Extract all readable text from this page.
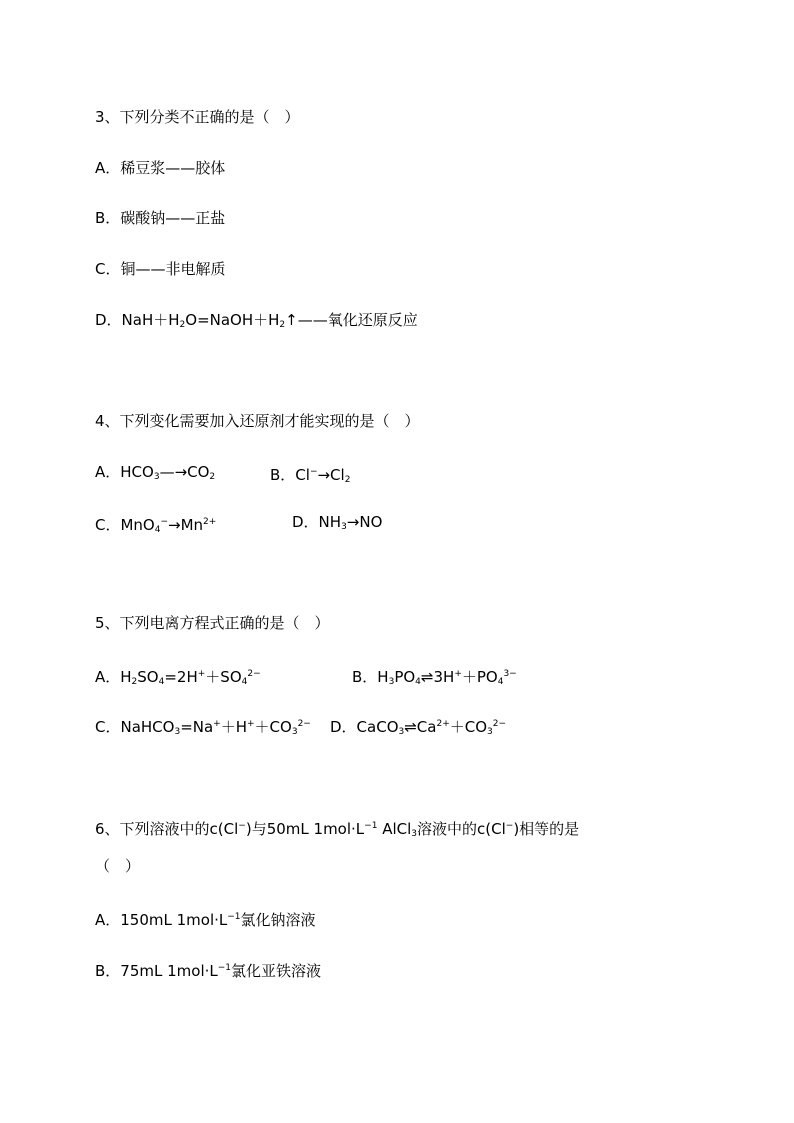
3、下列分类不正确的是（　）
A．稀豆浆——胶体
B．碳酸钠——正盐
C．铜——非电解质
D．NaH＋H2O=NaOH＋H2↑——氧化还原反应
4、下列变化需要加入还原剂才能实现的是（　）
A．HCO3—→CO2	B．Cl−→Cl2
C．$MnO4^-\to Mn^{2+}$	D．NH3→NO
5、下列电离方程式正确的是（　）
A．$H2SO4=2H^++SO4^{2-}$	B．$H3PO4\rightleftharpoons 3H^++PO4^{3-}$
C．$NaHCO3=Na^++H^++CO3^{2-}$ D．$CaCO3\rightleftharpoons Ca^{2+}+CO3^{2-}$
6、下列溶液中的c(Cl−)与50mL $1mol\cdot L^{-1}$ AlCl3溶液中的c(Cl−)相等的是
（　）
A．150mL $1mol\cdot L^{-1}$氯化钠溶液
B．75mL $1mol\cdot L^{-1}$氯化亚铁溶液
